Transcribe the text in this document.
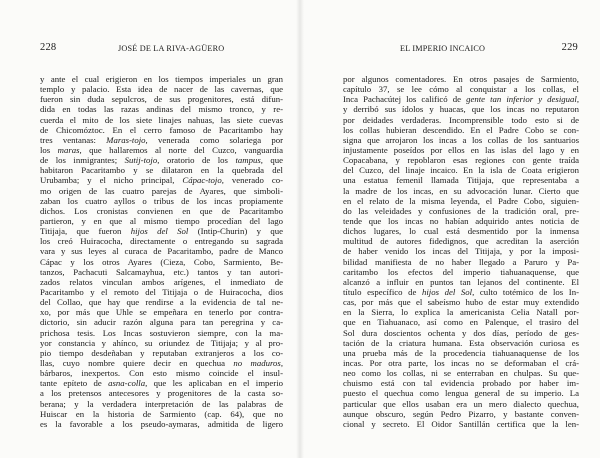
228	JOSÉ DE LA RIVA-AGÜERO
y ante el cual erigieron en los tiempos imperiales un gran
templo y palacio. Esta idea de nacer de las cavernas, que
fueron sin duda sepulcros, de sus progenitores, está difun-
dida en todas las razas andinas del mismo tronco, y re-
cuerda el mito de los siete linajes nahuas, las siete cuevas
de Chicomóztoc. En el cerro famoso de Pacaritambo hay
tres ventanas: Maras-tojo, venerada como solariega por
los maras, que hallaremos al norte del Cuzco, vanguardia
de los inmigrantes; Sutij-tojo, oratorio de los tampus, que
habitaron Pacaritambo y se dilataron en la quebrada del
Urubamba; y el nicho principal, Cápac-tojo, venerado co-
mo origen de las cuatro parejas de Ayares, que simboli-
zaban los cuatro ayllos o tribus de los incas propiamente
dichos. Los cronistas convienen en que de Pacaritambo
partieron, y en que al mismo tiempo procedían del lago
Titijaja, que fueron hijos del Sol (Intip-Churin) y que
los creó Huiracocha, directamente o entregando su sagrada
vara y sus leyes al curaca de Pacaritambo, padre de Manco
Cápac y los otros Ayares (Cieza, Cobo, Sarmiento, Be-
tanzos, Pachacuti Salcamayhua, etc.) tantos y tan autori-
zados relatos vinculan ambos arígenes, el inmediato de
Pacaritambo y el remoto del Titijaja o de Huiracocha, dios
del Collao, que hay que rendirse a la evidencia de tal ne-
xo, por más que Uhle se empeñara en tenerlo por contra-
dictorio, sin aducir razón alguna para tan peregrina y ca-
prichosa tesis. Los Incas sostuvieron siempre, con la ma-
yor constancia y ahínco, su oriundez de Titijaja; y al pro-
pio tiempo desdeñaban y reputaban extranjeros a los co-
llas, cuyo nombre quiere decir en quechua no maduros,
bárbaros, inexpertos. Con esto mismo coincide el insul-
tante epíteto de asna-colla, que les aplicaban en el imperio
a los pretensos antecesores y progenitores de la casta so-
berana; y la verdadera interpretación de las palabras de
Huiscar en la historia de Sarmiento (cap. 64), que no
es la favorable a los pseudo-aymaras, admitida de ligero
EL IMPERIO INCAICO	229
por algunos comentadores. En otros pasajes de Sarmiento,
capítulo 37, se lee cómo al conquistar a los collas, el
Inca Pachacútej los calificó de gente tan inferior y desigual,
y derribó sus ídolos y huacas, que los incas no reputaron
por deidades verdaderas. Incomprensible todo esto si de
los collas hubieran descendido. En el Padre Cobo se con-
signa que arrojaron los incas a los collas de los santuarios
injustamente poseídos por ellos en las islas del lago y en
Copacabana, y repoblaron esas regiones con gente traída
del Cuzco, del linaje incaico. En la isla de Coata erigieron
una estatua femenil llamada Titijaja, que representaba a
la madre de los incas, en su advocación lunar. Cierto que
en el relato de la misma leyenda, el Padre Cobo, siguien-
do las veleidades y confusiones de la tradición oral, pre-
tende que los incas no habían adquirido antes noticia de
dichos lugares, lo cual está desmentido por la inmensa
multitud de autores fidedignos, que acreditan la aserción
de haber venido los incas del Titijaja, y por la imposi-
bilidad manifiesta de no haber llegado a Paruro y Pa-
caritambo los efectos del imperio tiahuanaquense, que
alcanzó a influir en puntos tan lejanos del continente. El
título específico de hijos del Sol, culto totémico de los In-
cas, por más que el sabeísmo hubo de estar muy extendido
en la Sierra, lo explica la americanista Celia Natall por-
que en Tiahuanaco, así como en Palenque, el trasiro del
Sol dura doscientos ochenta y dos días, período de ges-
tación de la criatura humana. Esta observación curiosa es
una prueba más de la procedencia tiahuanaquense de los
incas. Por otra parte, los incas no se deformaban el crá-
neo como los collas, ni se enterraban en chulpas. Su que-
chuismo está con tal evidencia probado por haber im-
puesto el quechua como lengua general de su imperio. La
particular que ellos usaban era un mero dialecto quechua,
aunque obscuro, según Pedro Pizarro, y bastante conven-
cional y secreto. El Oidor Santillán certifica que la len-
